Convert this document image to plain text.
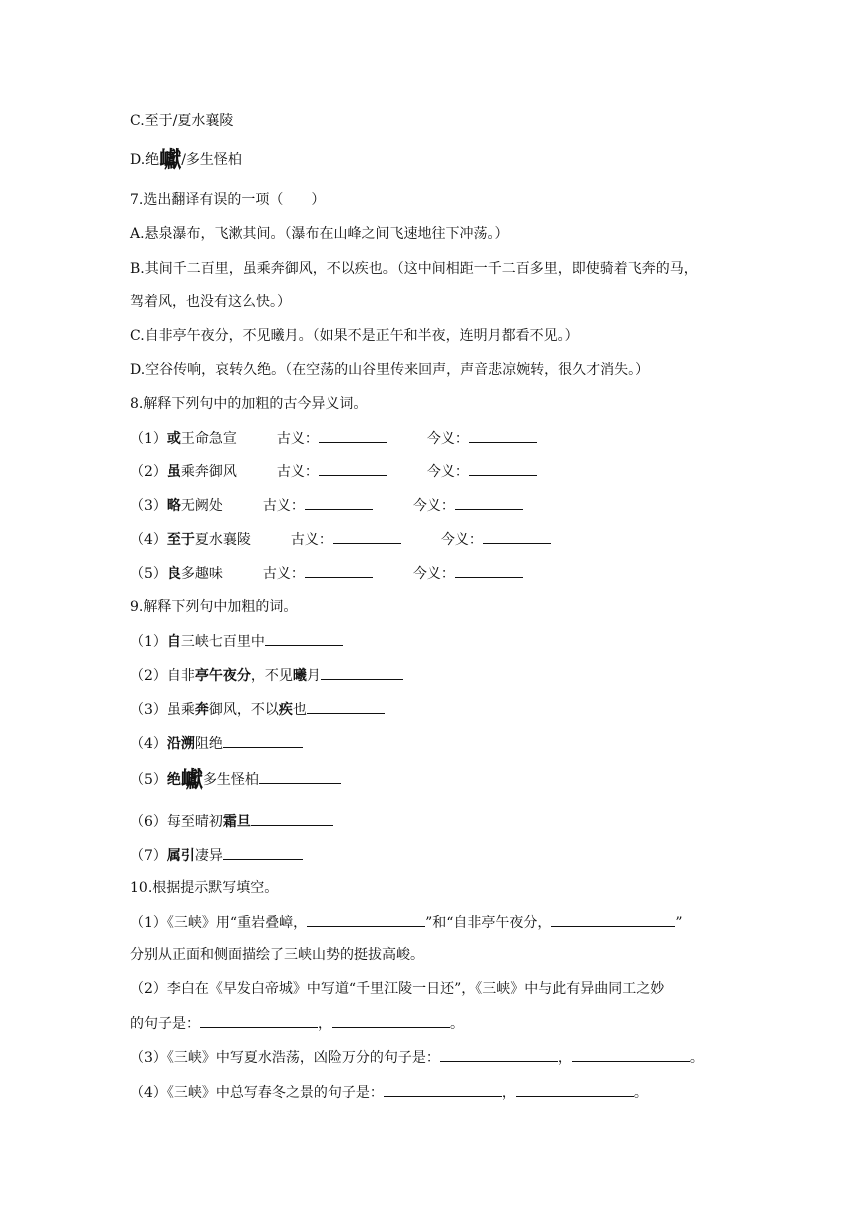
C.至于/夏水襄陵
D.绝巘/多生怪柏
7.选出翻译有误的一项（　　）
A.悬泉瀑布，飞漱其间。（瀑布在山峰之间飞速地往下冲荡。）
B.其间千二百里，虽乘奔御风，不以疾也。（这中间相距一千二百多里，即使骑着飞奔的马，
驾着风，也没有这么快。）
C.自非亭午夜分，不见曦月。（如果不是正午和半夜，连明月都看不见。）
D.空谷传响，哀转久绝。（在空荡的山谷里传来回声，声音悲凉婉转，很久才消失。）
8.解释下列句中的加粗的古今异义词。
（1）或王命急宣	古义：	今义：
（2）虽乘奔御风	古义：	今义：
（3）略无阙处	古义：	今义：
（4）至于夏水襄陵	古义：	今义：
（5）良多趣味	古义：	今义：
9.解释下列句中加粗的词。
（1）自三峡七百里中
（2）自非亭午夜分，不见曦月
（3）虽乘奔御风，不以疾也
（4）沿溯阻绝
（5）绝巘多生怪柏
（6）每至晴初霜旦
（7）属引凄异
10.根据提示默写填空。
（1）《三峡》用“重岩叠嶂，	”和“自非亭午夜分，	”
分别从正面和侧面描绘了三峡山势的挺拔高峻。
（2）李白在《早发白帝城》中写道“千里江陵一日还”，《三峡》中与此有异曲同工之妙
的句子是：	，	。
（3）《三峡》中写夏水浩荡，凶险万分的句子是：	，	。
（4）《三峡》中总写春冬之景的句子是：	，	。
